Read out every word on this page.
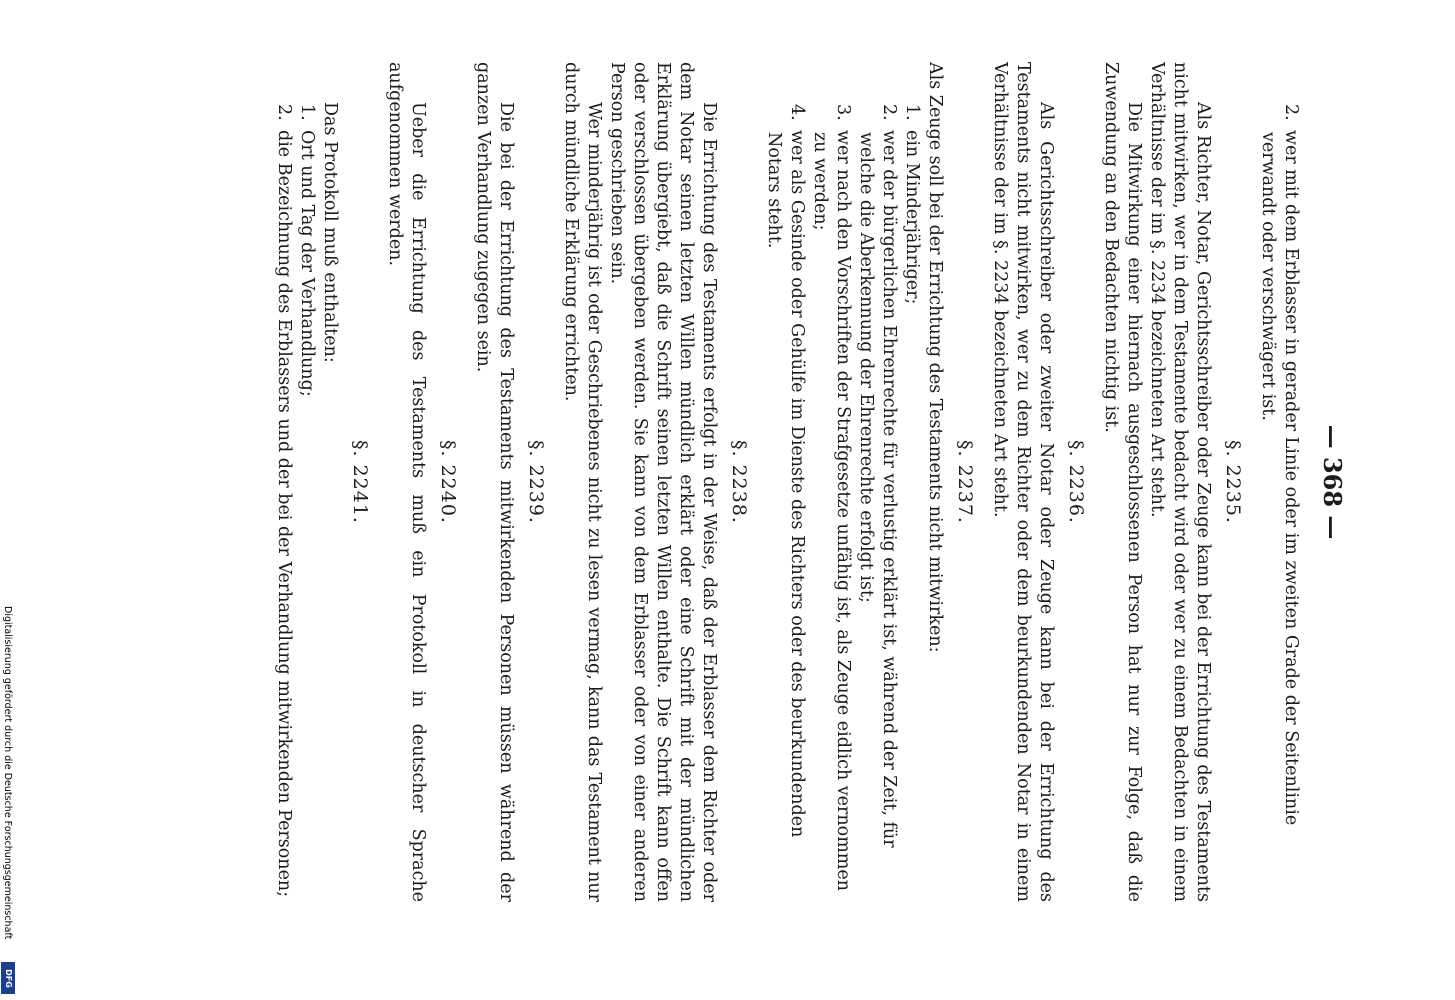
— 368 —

2.wer mit dem Erblasser in gerader Linie oder im zweiten Grade der Seitenlinie verwandt oder verschwägert ist.

§. 2235.

Als Richter, Notar, Gerichtsschreiber oder Zeuge kann bei der Errichtung des Testaments nicht mitwirken, wer in dem Testamente bedacht wird oder wer zu einem Bedachten in einem Verhältnisse der im §. 2234 bezeichneten Art steht.

Die Mitwirkung einer hiernach ausgeschlossenen Person hat nur zur Folge, daß die Zuwendung an den Bedachten nichtig ist.

§. 2236.

Als Gerichtsschreiber oder zweiter Notar oder Zeuge kann bei der Errichtung des Testaments nicht mitwirken, wer zu dem Richter oder dem beurkundenden Notar in einem Verhältnisse der im §. 2234 bezeichneten Art steht.

§. 2237.

Als Zeuge soll bei der Errichtung des Testaments nicht mitwirken:

1.ein Minderjähriger;

2.wer der bürgerlichen Ehrenrechte für verlustig erklärt ist, während der Zeit, für welche die Aberkennung der Ehrenrechte erfolgt ist;

3.wer nach den Vorschriften der Strafgesetze unfähig ist, als Zeuge eidlich vernommen zu werden;

4.wer als Gesinde oder Gehülfe im Dienste des Richters oder des beurkundenden Notars steht.

§. 2238.

Die Errichtung des Testaments erfolgt in der Weise, daß der Erblasser dem Richter oder dem Notar seinen letzten Willen mündlich erklärt oder eine Schrift mit der mündlichen Erklärung übergiebt, daß die Schrift seinen letzten Willen enthalte. Die Schrift kann offen oder verschlossen übergeben werden. Sie kann von dem Erblasser oder von einer anderen Person geschrieben sein.

Wer minderjährig ist oder Geschriebenes nicht zu lesen vermag, kann das Testament nur durch mündliche Erklärung errichten.

§. 2239.

Die bei der Errichtung des Testaments mitwirkenden Personen müssen während der ganzen Verhandlung zugegen sein.

§. 2240.

Ueber die Errichtung des Testaments muß ein Protokoll in deutscher Sprache aufgenommen werden.

§. 2241.

Das Protokoll muß enthalten:

1.Ort und Tag der Verhandlung;

2.die Bezeichnung des Erblassers und der bei der Verhandlung mitwirkenden Personen;

Digitalisierung gefördert durch die Deutsche Forschungsgemeinschaft
DFG
